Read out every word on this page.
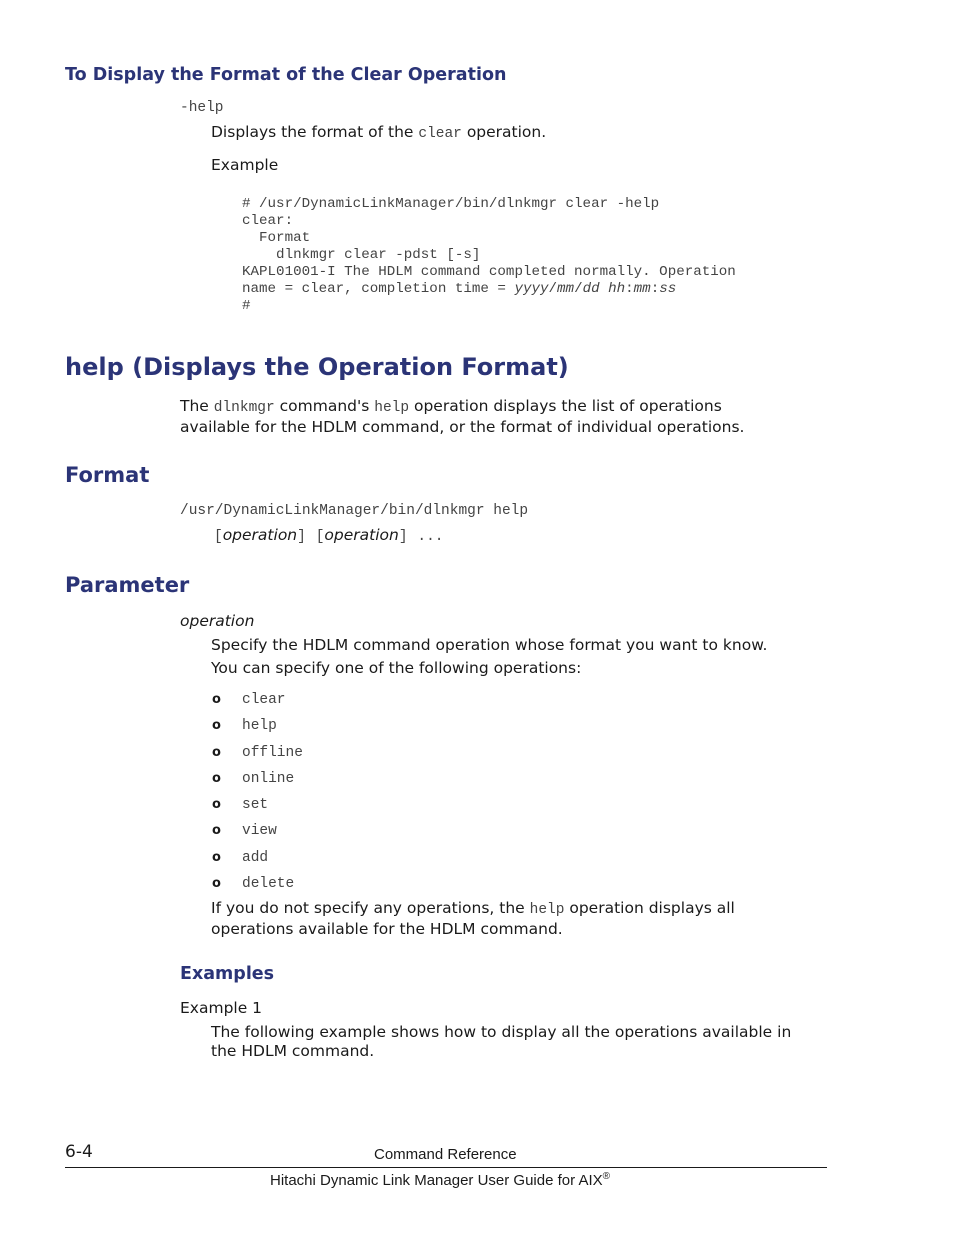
To Display the Format of the Clear Operation
-help
Displays the format of the clear operation.
Example
# /usr/DynamicLinkManager/bin/dlnkmgr clear -help
clear:
Format
dlnkmgr clear -pdst [-s]
KAPL01001-I The HDLM command completed normally. Operation
name = clear, completion time = yyyy/mm/dd hh:mm:ss
#
help (Displays the Operation Format)
The dlnkmgr command's help operation displays the list of operations
available for the HDLM command, or the format of individual operations.
Format
/usr/DynamicLinkManager/bin/dlnkmgr help
[operation] [operation] ...
Parameter
operation
Specify the HDLM command operation whose format you want to know.
You can specify one of the following operations:
o clear
o help
o offline
o online
o set
o view
o add
o delete
If you do not specify any operations, the help operation displays all
operations available for the HDLM command.
Examples
Example 1
The following example shows how to display all the operations available in
the HDLM command.
6-4	Command Reference
Hitachi Dynamic Link Manager User Guide for AIX®
